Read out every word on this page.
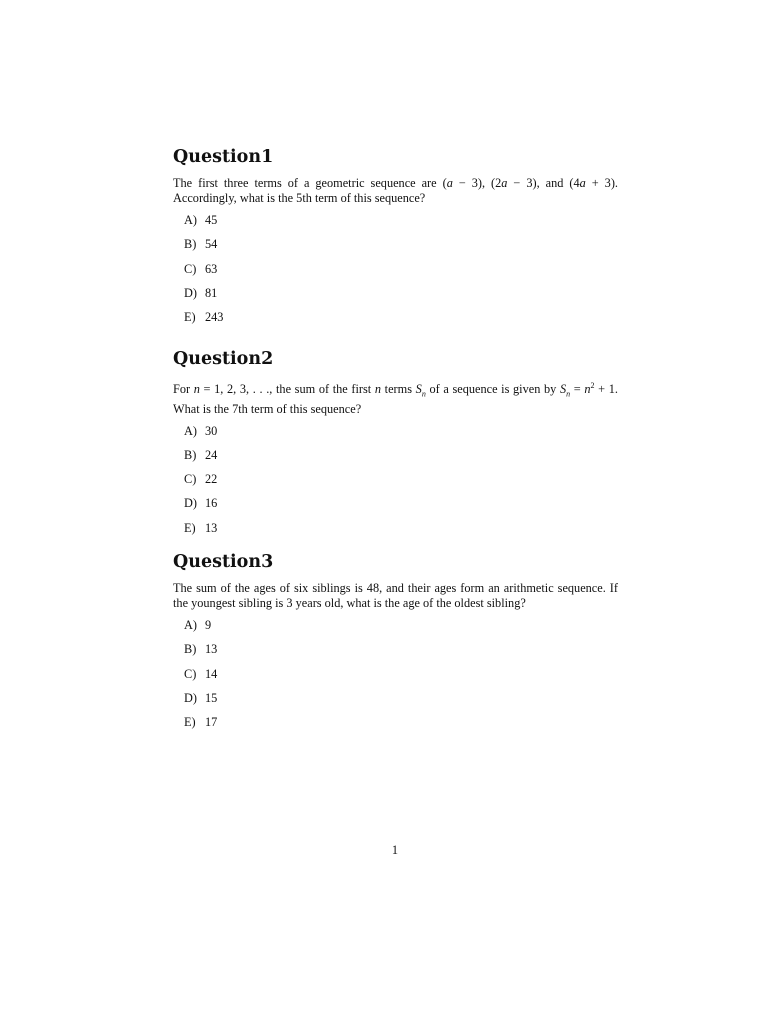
Question1

The first three terms of a geometric sequence are (a − 3), (2a − 3), and (4a + 3). Accordingly, what is the 5th term of this sequence?

A) 45
B) 54
C) 63
D) 81
E) 243
Question2

For n = 1, 2, 3, . . ., the sum of the first n terms $S_n$ of a sequence is given by $S_n = n^2 + 1$. What is the 7th term of this sequence?

A) 30
B) 24
C) 22
D) 16
E) 13
Question3

The sum of the ages of six siblings is 48, and their ages form an arithmetic sequence. If the youngest sibling is 3 years old, what is the age of the oldest sibling?

A) 9
B) 13
C) 14
D) 15
E) 17
1
